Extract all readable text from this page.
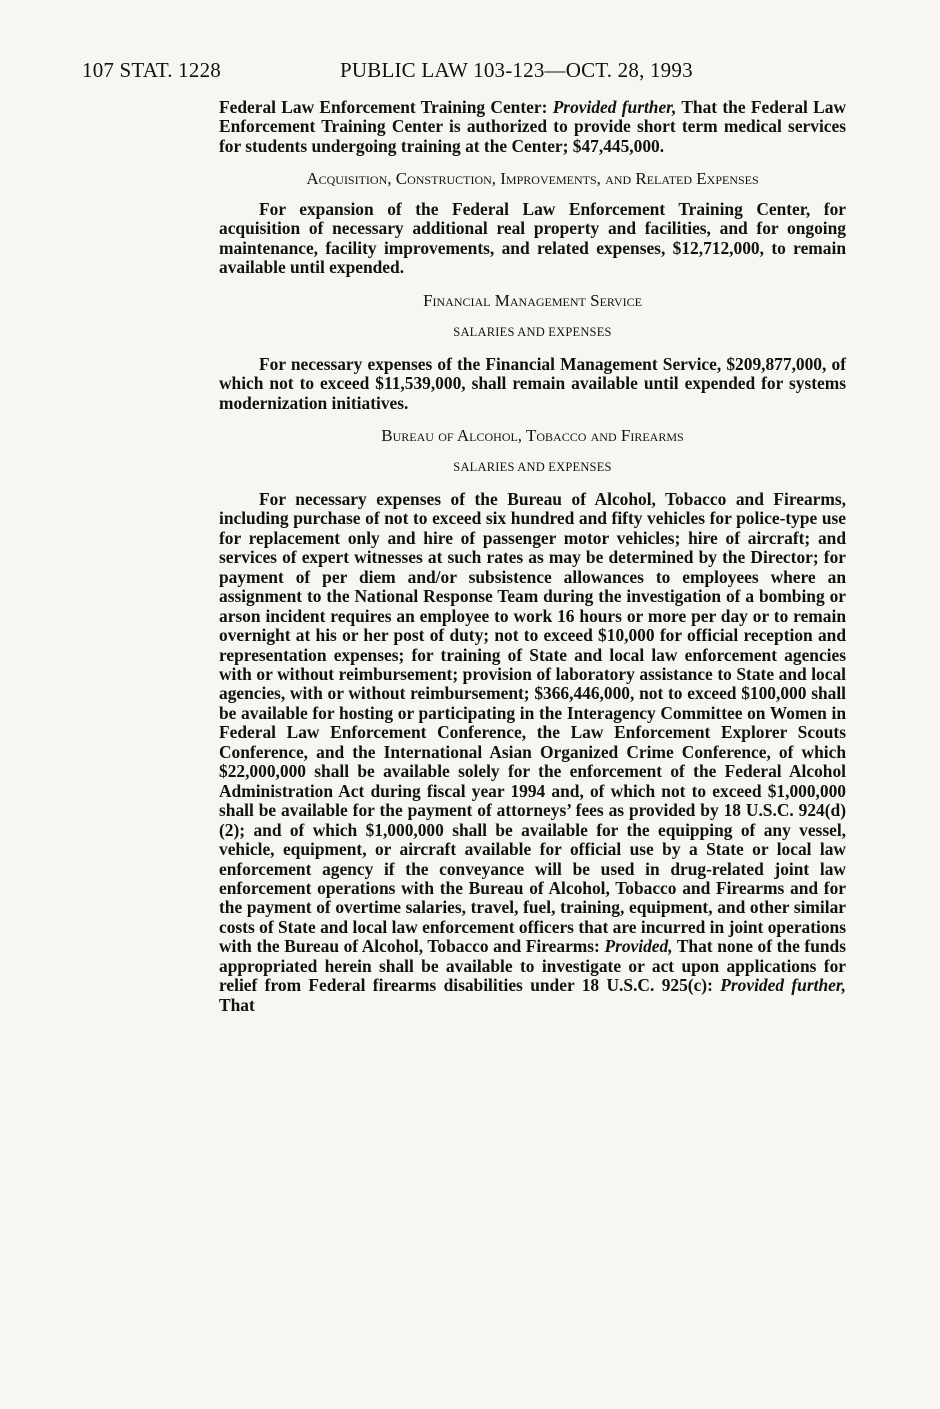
107 STAT. 1228	PUBLIC LAW 103-123—OCT. 28, 1993

Federal Law Enforcement Training Center: Provided further, That the Federal Law Enforcement Training Center is authorized to provide short term medical services for students undergoing training at the Center; $47,445,000.

Acquisition, Construction, Improvements, and Related Expenses

For expansion of the Federal Law Enforcement Training Center, for acquisition of necessary additional real property and facilities, and for ongoing maintenance, facility improvements, and related expenses, $12,712,000, to remain available until expended.

Financial Management Service
SALARIES AND EXPENSES

For necessary expenses of the Financial Management Service, $209,877,000, of which not to exceed $11,539,000, shall remain available until expended for systems modernization initiatives.

Bureau of Alcohol, Tobacco and Firearms
SALARIES AND EXPENSES

For necessary expenses of the Bureau of Alcohol, Tobacco and Firearms, including purchase of not to exceed six hundred and fifty vehicles for police-type use for replacement only and hire of passenger motor vehicles; hire of aircraft; and services of expert witnesses at such rates as may be determined by the Director; for payment of per diem and/or subsistence allowances to employees where an assignment to the National Response Team during the investigation of a bombing or arson incident requires an employee to work 16 hours or more per day or to remain overnight at his or her post of duty; not to exceed $10,000 for official reception and representation expenses; for training of State and local law enforcement agencies with or without reimbursement; provision of laboratory assistance to State and local agencies, with or without reimbursement; $366,446,000, not to exceed $100,000 shall be available for hosting or participating in the Interagency Committee on Women in Federal Law Enforcement Conference, the Law Enforcement Explorer Scouts Conference, and the International Asian Organized Crime Conference, of which $22,000,000 shall be available solely for the enforcement of the Federal Alcohol Administration Act during fiscal year 1994 and, of which not to exceed $1,000,000 shall be available for the payment of attorneys’ fees as provided by 18 U.S.C. 924(d)(2); and of which $1,000,000 shall be available for the equipping of any vessel, vehicle, equipment, or aircraft available for official use by a State or local law enforcement agency if the conveyance will be used in drug-related joint law enforcement operations with the Bureau of Alcohol, Tobacco and Firearms and for the payment of overtime salaries, travel, fuel, training, equipment, and other similar costs of State and local law enforcement officers that are incurred in joint operations with the Bureau of Alcohol, Tobacco and Firearms: Provided, That none of the funds appropriated herein shall be available to investigate or act upon applications for relief from Federal firearms disabilities under 18 U.S.C. 925(c): Provided further, That
